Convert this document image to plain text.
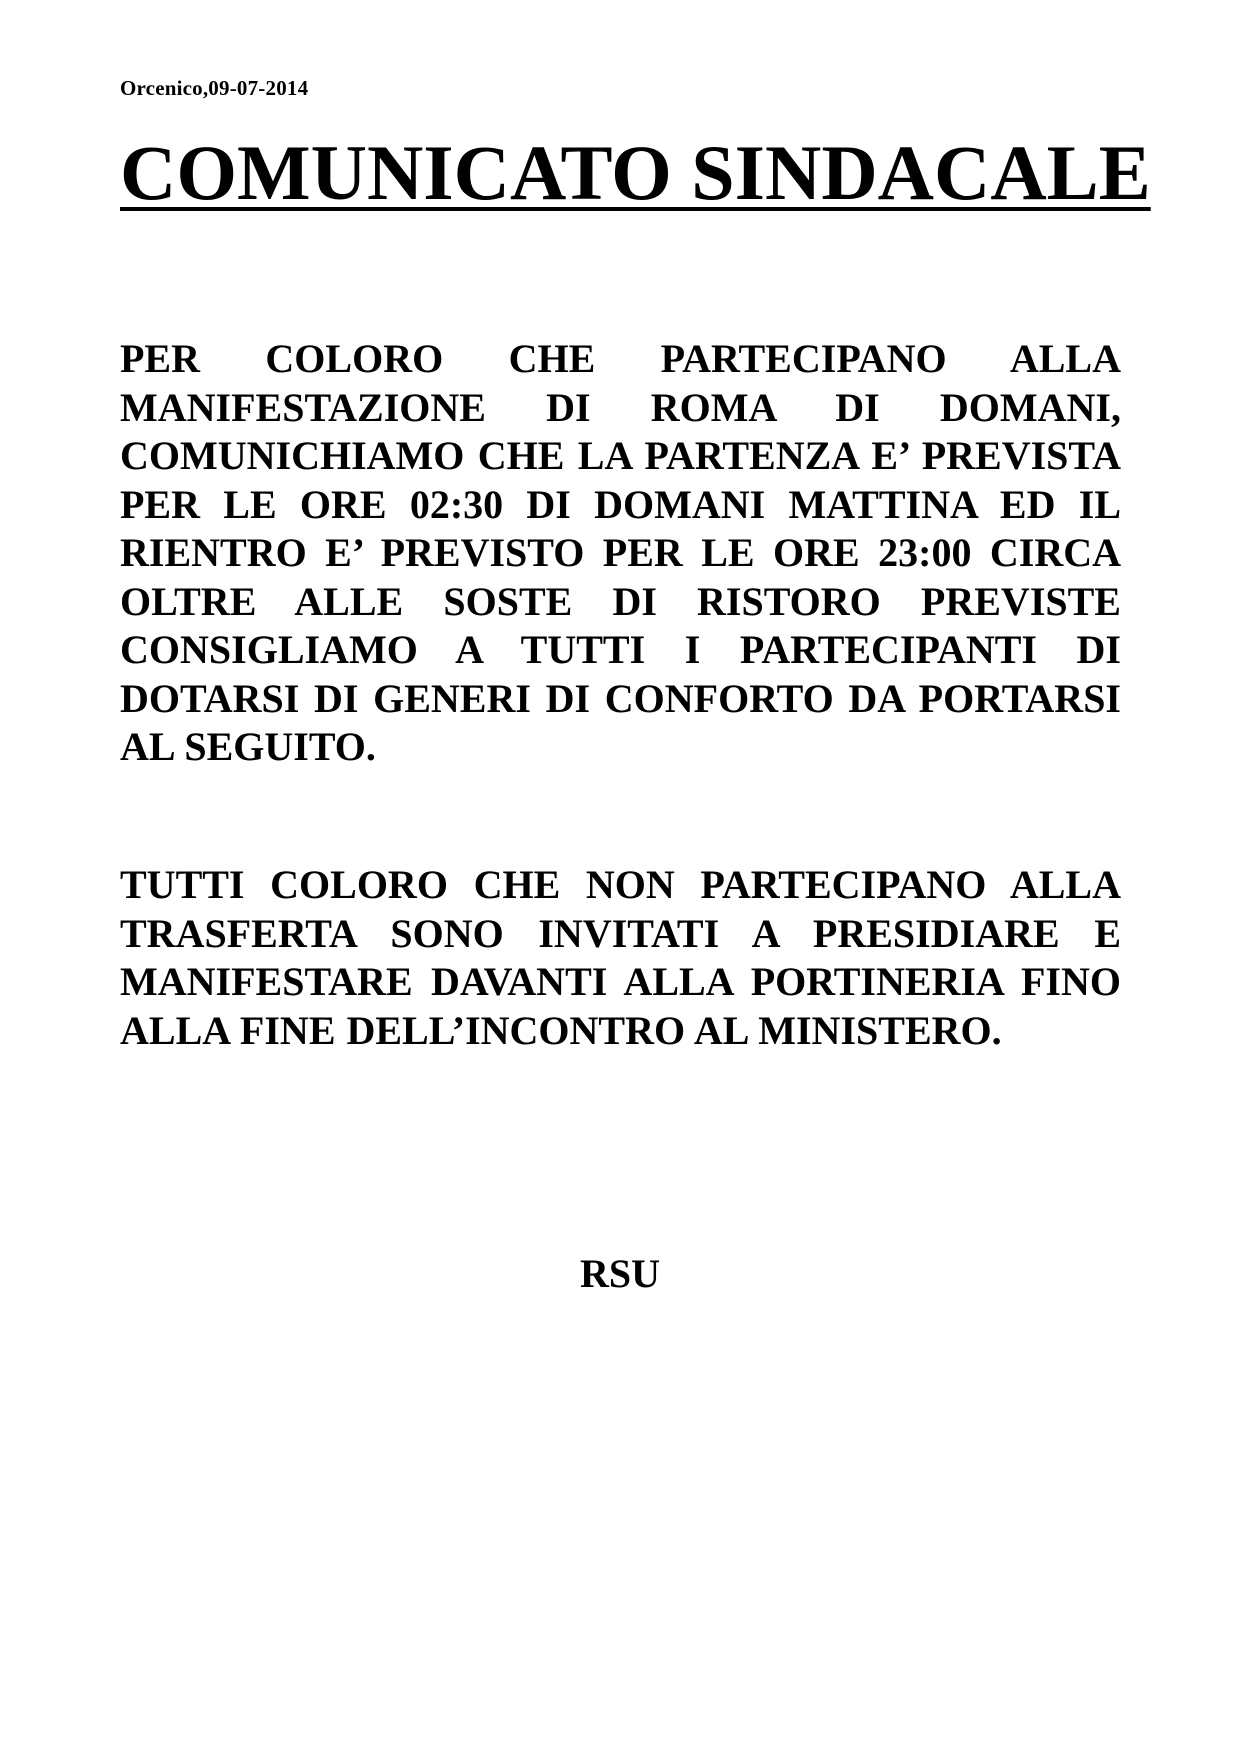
Orcenico,09-07-2014
COMUNICATO SINDACALE
PER COLORO CHE PARTECIPANO ALLA MANIFESTAZIONE DI ROMA DI DOMANI, COMUNICHIAMO CHE LA PARTENZA E’ PREVISTA PER LE ORE 02:30 DI DOMANI MATTINA ED IL RIENTRO E’ PREVISTO PER LE ORE 23:00 CIRCA OLTRE ALLE SOSTE DI RISTORO PREVISTE CONSIGLIAMO A TUTTI I PARTECIPANTI DI DOTARSI DI GENERI DI CONFORTO DA PORTARSI AL SEGUITO.
TUTTI COLORO CHE NON PARTECIPANO ALLA TRASFERTA SONO INVITATI A PRESIDIARE E MANIFESTARE DAVANTI ALLA PORTINERIA FINO ALLA FINE DELL’INCONTRO AL MINISTERO.
RSU
